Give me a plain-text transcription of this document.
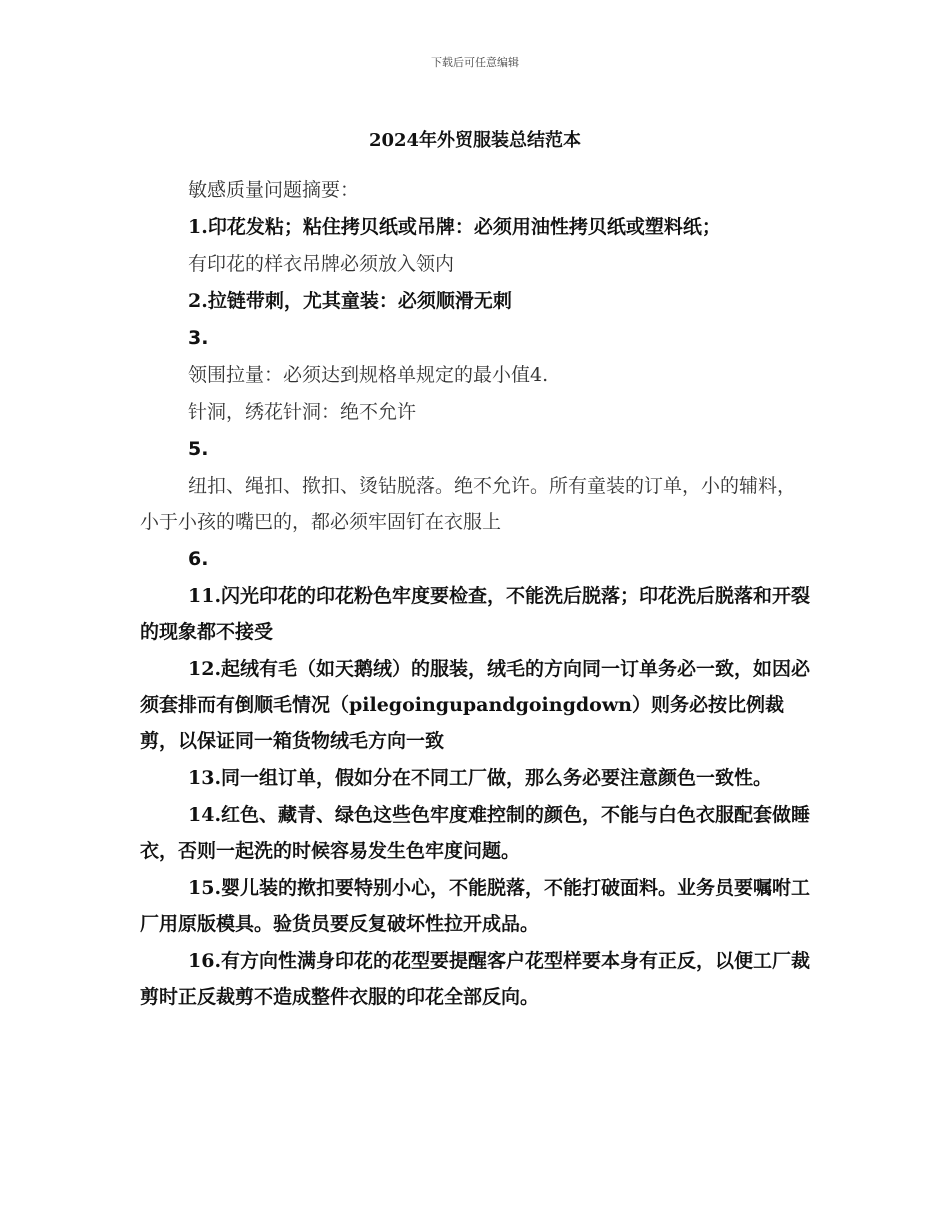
下载后可任意编辑
2024年外贸服装总结范本

敏感质量问题摘要：

1.印花发粘；粘住拷贝纸或吊牌：必须用油性拷贝纸或塑料纸；

有印花的样衣吊牌必须放入领内

2.拉链带刺，尤其童装：必须顺滑无刺

3.

领围拉量：必须达到规格单规定的最小值4.

针洞，绣花针洞：绝不允许

5.

纽扣、绳扣、揿扣、烫钻脱落。绝不允许。所有童装的订单，小的辅料，小于小孩的嘴巴的，都必须牢固钉在衣服上

6.

11.闪光印花的印花粉色牢度要检查，不能洗后脱落；印花洗后脱落和开裂的现象都不接受

12.起绒有毛（如天鹅绒）的服装，绒毛的方向同一订单务必一致，如因必须套排而有倒顺毛情况（pilegoingupandgoingdown）则务必按比例裁剪，以保证同一箱货物绒毛方向一致

13.同一组订单，假如分在不同工厂做，那么务必要注意颜色一致性。

14.红色、藏青、绿色这些色牢度难控制的颜色，不能与白色衣服配套做睡衣，否则一起洗的时候容易发生色牢度问题。

15.婴儿装的揿扣要特别小心，不能脱落，不能打破面料。业务员要嘱咐工厂用原版模具。验货员要反复破坏性拉开成品。

16.有方向性满身印花的花型要提醒客户花型样要本身有正反，以便工厂裁剪时正反裁剪不造成整件衣服的印花全部反向。
